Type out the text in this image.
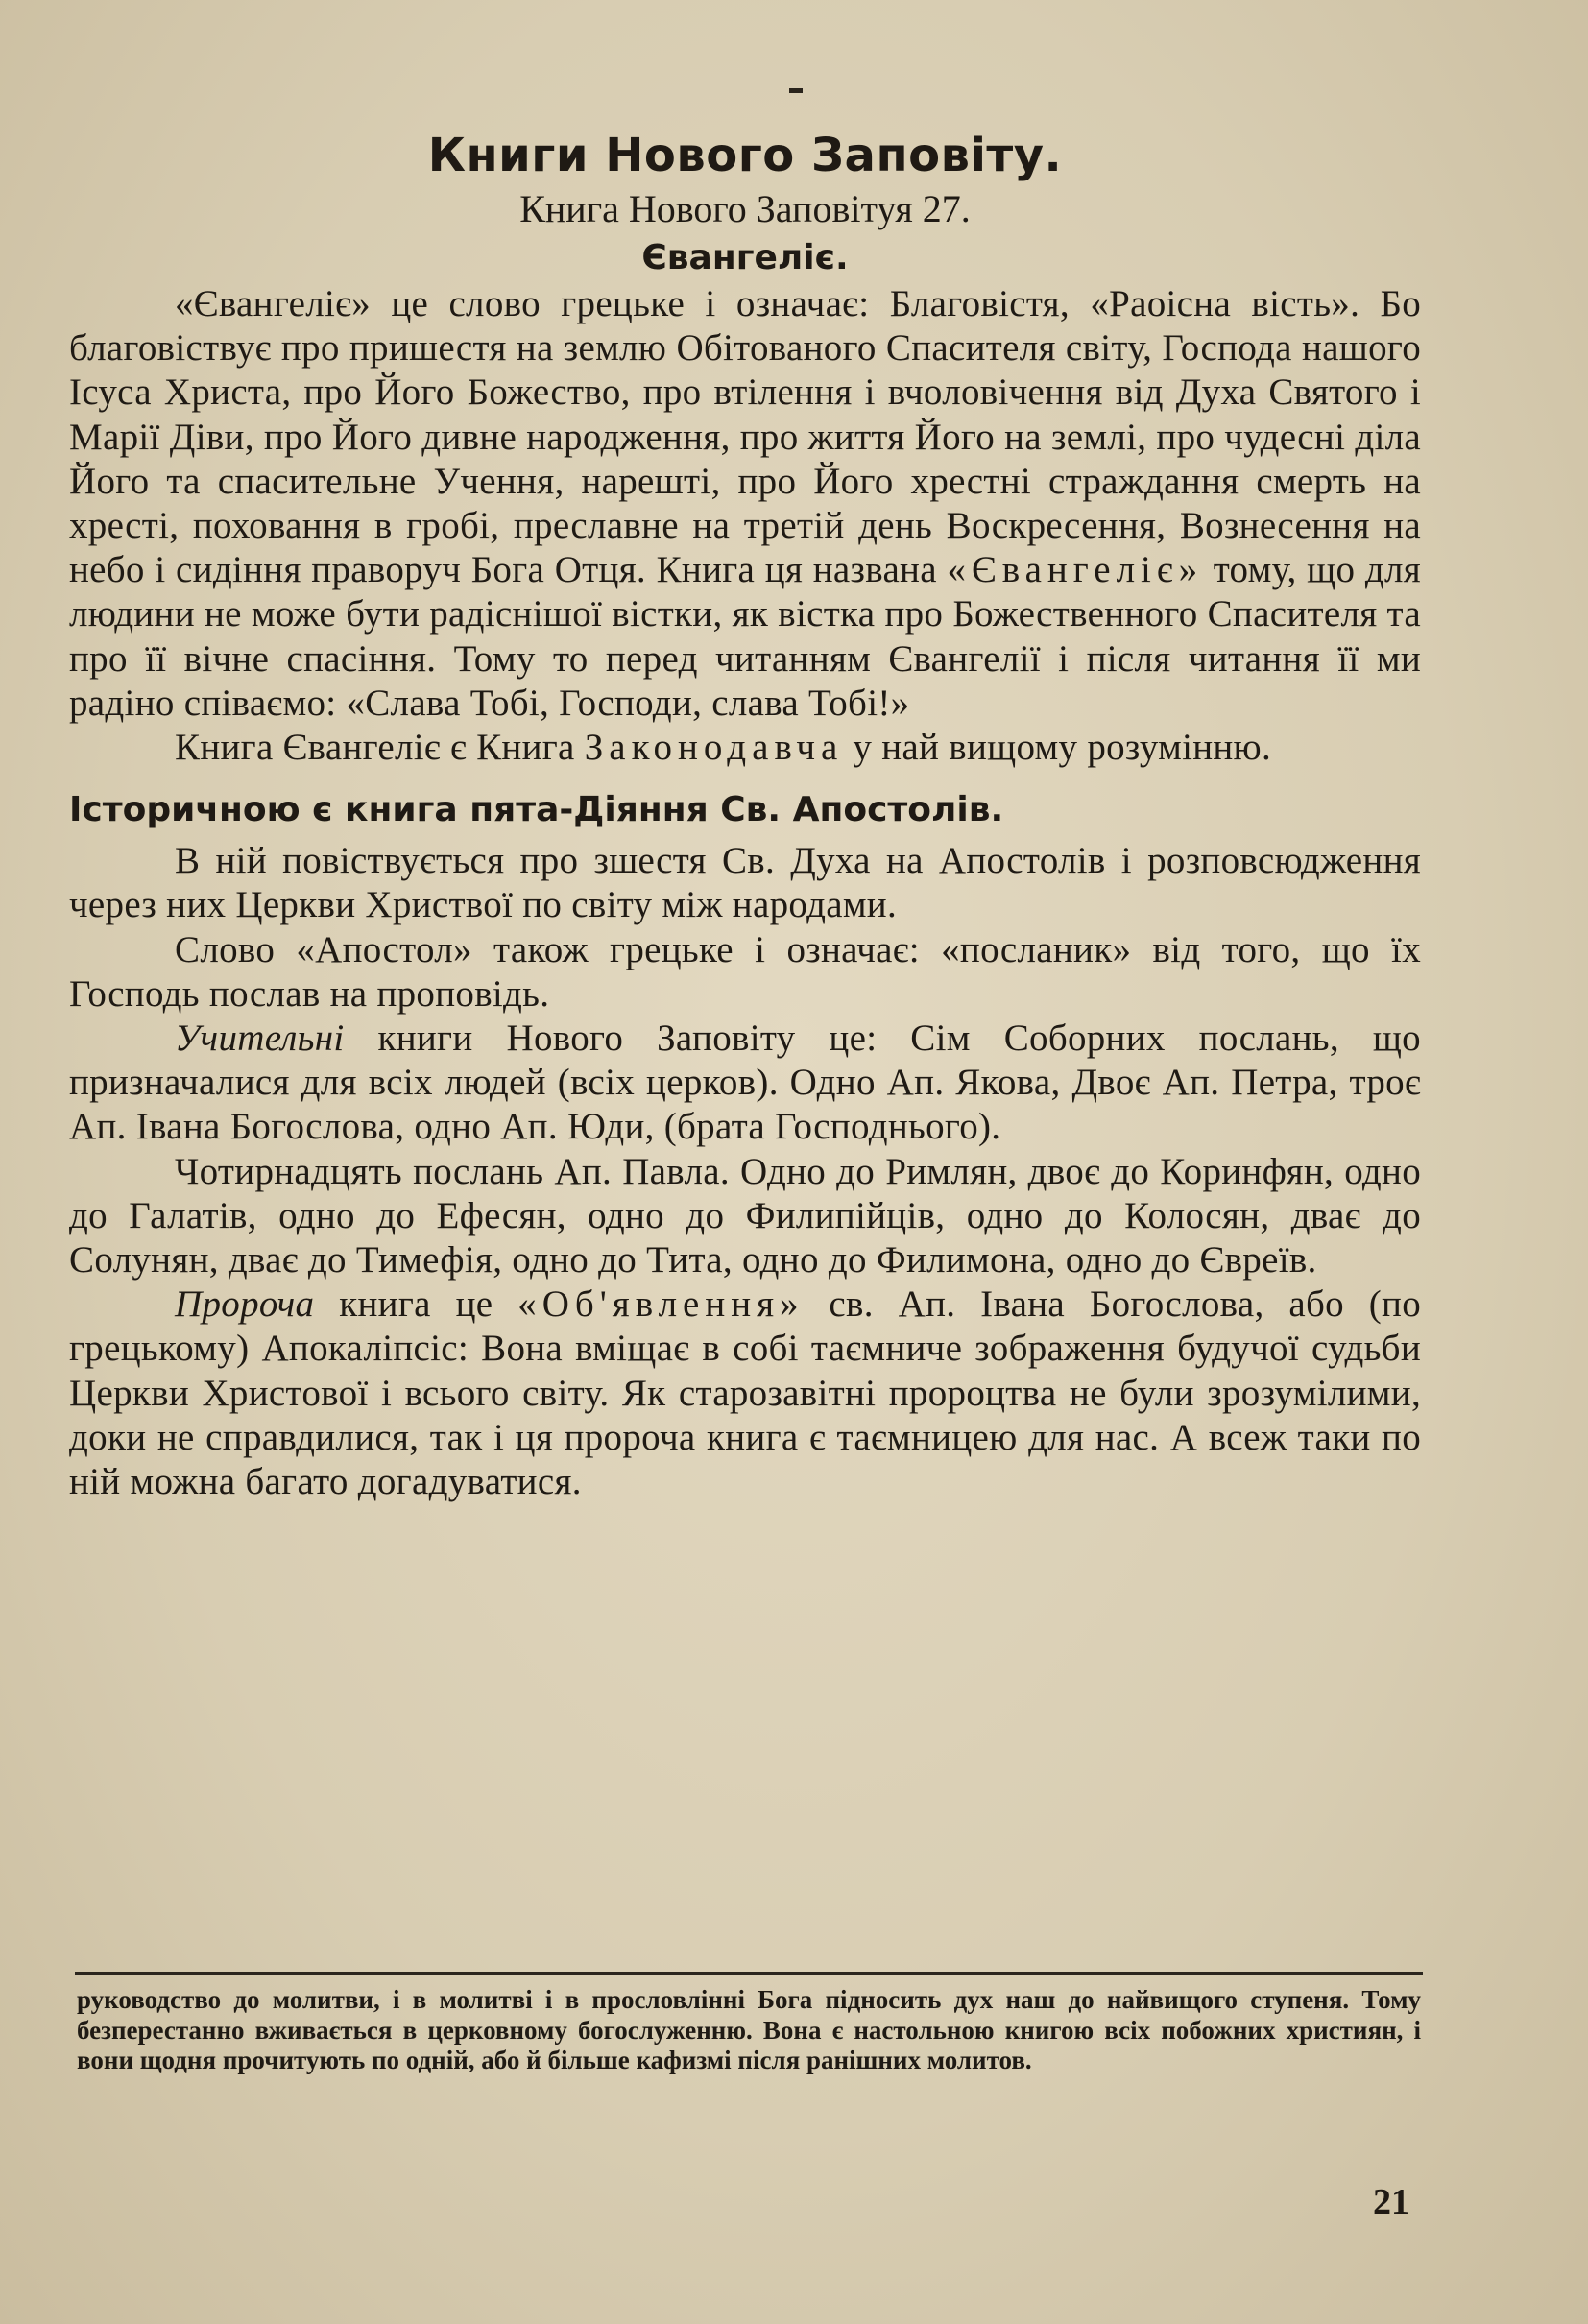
Книги Нового Заповіту.
Книга Нового Заповітуя 27.
Євангеліє.

«Євангеліє» це слово грецьке і означає: Благовістя, «Раоісна вість». Бо благовіствує про пришестя на землю Обітованого Спасителя світу, Господа нашого Ісуса Христа, про Його Божество, про втілення і вчоловічення від Духа Святого і Марії Діви, про Його дивне народження, про життя Його на землі, про чудесні діла Його та спасительне Учення, нарешті, про Його хрестні страждання смерть на хресті, поховання в гробі, преславне на третій день Воскресення, Вознесення на небо і сидіння праворуч Бога Отця. Книга ця названа «Євангеліє» тому, що для людини не може бути радіснішої вістки, як вістка про Божественного Спасителя та про її вічне спасіння. Тому то перед читанням Євангелії і після читання її ми радіно співаємо: «Слава Тобі, Господи, слава Тобі!»

Книга Євангеліє є Книга Законодавча у най вищому розумінню.

Історичною є книга пята-Діяння Св. Апостолів.

В ній повіствується про зшестя Св. Духа на Апостолів і розповсюдження через них Церкви Христвої по світу між народами.

Слово «Апостол» також грецьке і означає: «посланик» від того, що їх Господь послав на проповідь.

Учительні книги Нового Заповіту це: Сім Соборних послань, що призначалися для всіх людей (всіх церков). Одно Ап. Якова, Двоє Ап. Петра, троє Ап. Івана Богослова, одно Ап. Юди, (брата Господнього).

Чотирнадцять послань Ап. Павла. Одно до Римлян, двоє до Коринфян, одно до Галатів, одно до Ефесян, одно до Филипійців, одно до Колосян, дває до Солунян, дває до Тимефія, одно до Тита, одно до Филимона, одно до Євреїв.

Пророча книга це «Об'явлення» св. Ап. Івана Богослова, або (по грецькому) Апокаліпсіс: Вона вміщає в собі таємниче зображення будучої судьби Церкви Христової і всього світу. Як старозавітні пророцтва не були зрозумілими, доки не справдилися, так і ця пророча книга є таємницею для нас. А всеж таки по ній можна багато догадуватися.

руководство до молитви, і в молитві і в прословлінні Бога підносить дух наш до найвищого ступеня. Тому безперестанно вживається в церковному богослуженню. Вона є настольною книгою всіх побожних християн, і вони щодня прочитують по одній, або й більше кафизмі після ранішних молитов.

21
